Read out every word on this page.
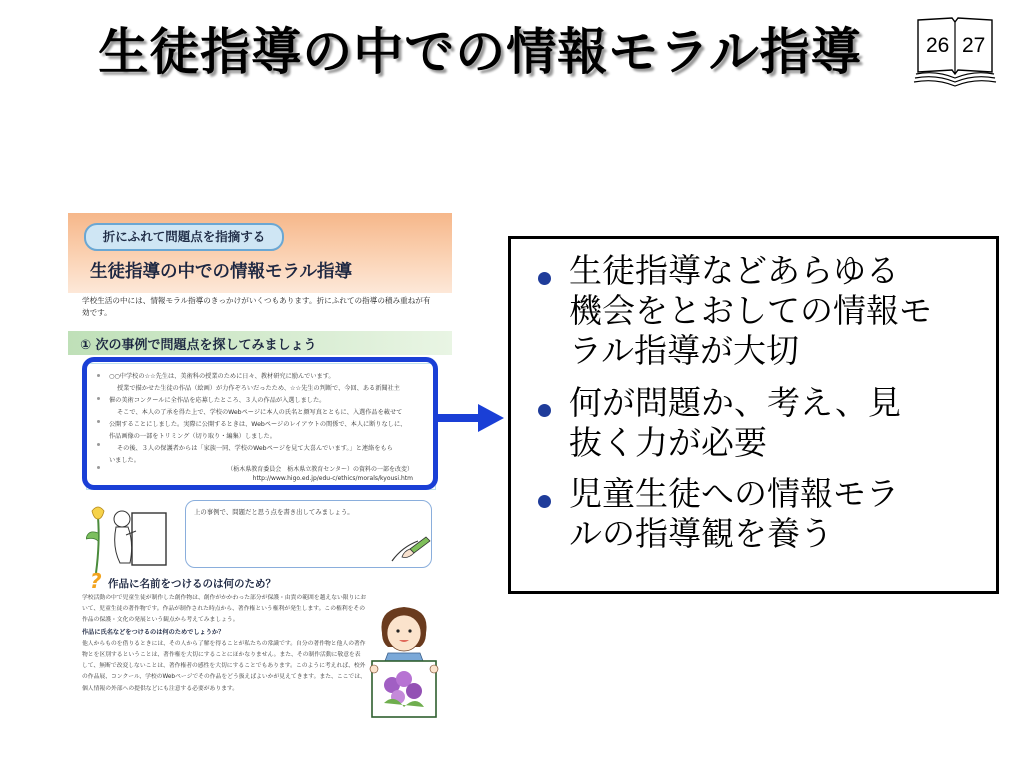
生徒指導の中での情報モラル指導	26 27
折にふれて問題点を指摘する
生徒指導の中での情報モラル指導
学校生活の中には、情報モラル指導のきっかけがいくつもあります。折にふれての指導の積み重ねが有効です。
① 次の事例で問題点を探してみましょう
○○中学校の☆☆先生は、美術科の授業のために日々、教材研究に励んでいます。
授業で描かせた生徒の作品（絵画）が力作ぞろいだったため、☆☆先生の判断で、今回、ある新聞社主
催の美術コンクールに全作品を応募したところ、３人の作品が入選しました。
そこで、本人の了承を得た上で、学校のWebページに本人の氏名と顔写真とともに、入選作品を載せて
公開することにしました。実際に公開するときは、Webページのレイアウトの関係で、本人に断りなしに、
作品画像の一部をトリミング（切り取り・編集）しました。
その後、３人の保護者からは「家族一同、学校のWebページを見て大喜んでいます。」と連絡をもら
いました。
（栃木県教育委員会　栃木県立教育センター）の資料の一部を改変）
http://www.higo.ed.jp/edu-c/ethics/morals/kyousi.htm
上の事例で、問題だと思う点を書き出してみましょう。
? 作品に名前をつけるのは何のため？
学校活動の中で児童生徒が制作した創作物は、創作がかかわった部分が保護・由貴の範囲を越えない限りにおいて、児童生徒の著作物です。作品が制作された時点から、著作権という権利が発生します。この権利をその作品の保護・文化の発展という観点から考えてみましょう。
作品に氏名などをつけるのは何のためでしょうか？
他人からものを借りるときには、その人から了解を得ることが私たちの常識です。自分の著作物と他人の著作物とを区別するということは、著作権を大切にすることにほかなりません。また、その制作活動に敬意を表して、無断で改変しないことは、著作権者の感性を大切にすることでもあります。このように考えれば、校外の作品展、コンクール、学校のWebページでその作品をどう扱えばよいかが見えてきます。また、ここでは、個人情報の外部への提供などにも注意する必要があります。
生徒指導などあらゆる
機会をとおしての情報モ
ラル指導が大切
何が問題か、考え、見
抜く力が必要
児童生徒への情報モラ
ルの指導観を養う
